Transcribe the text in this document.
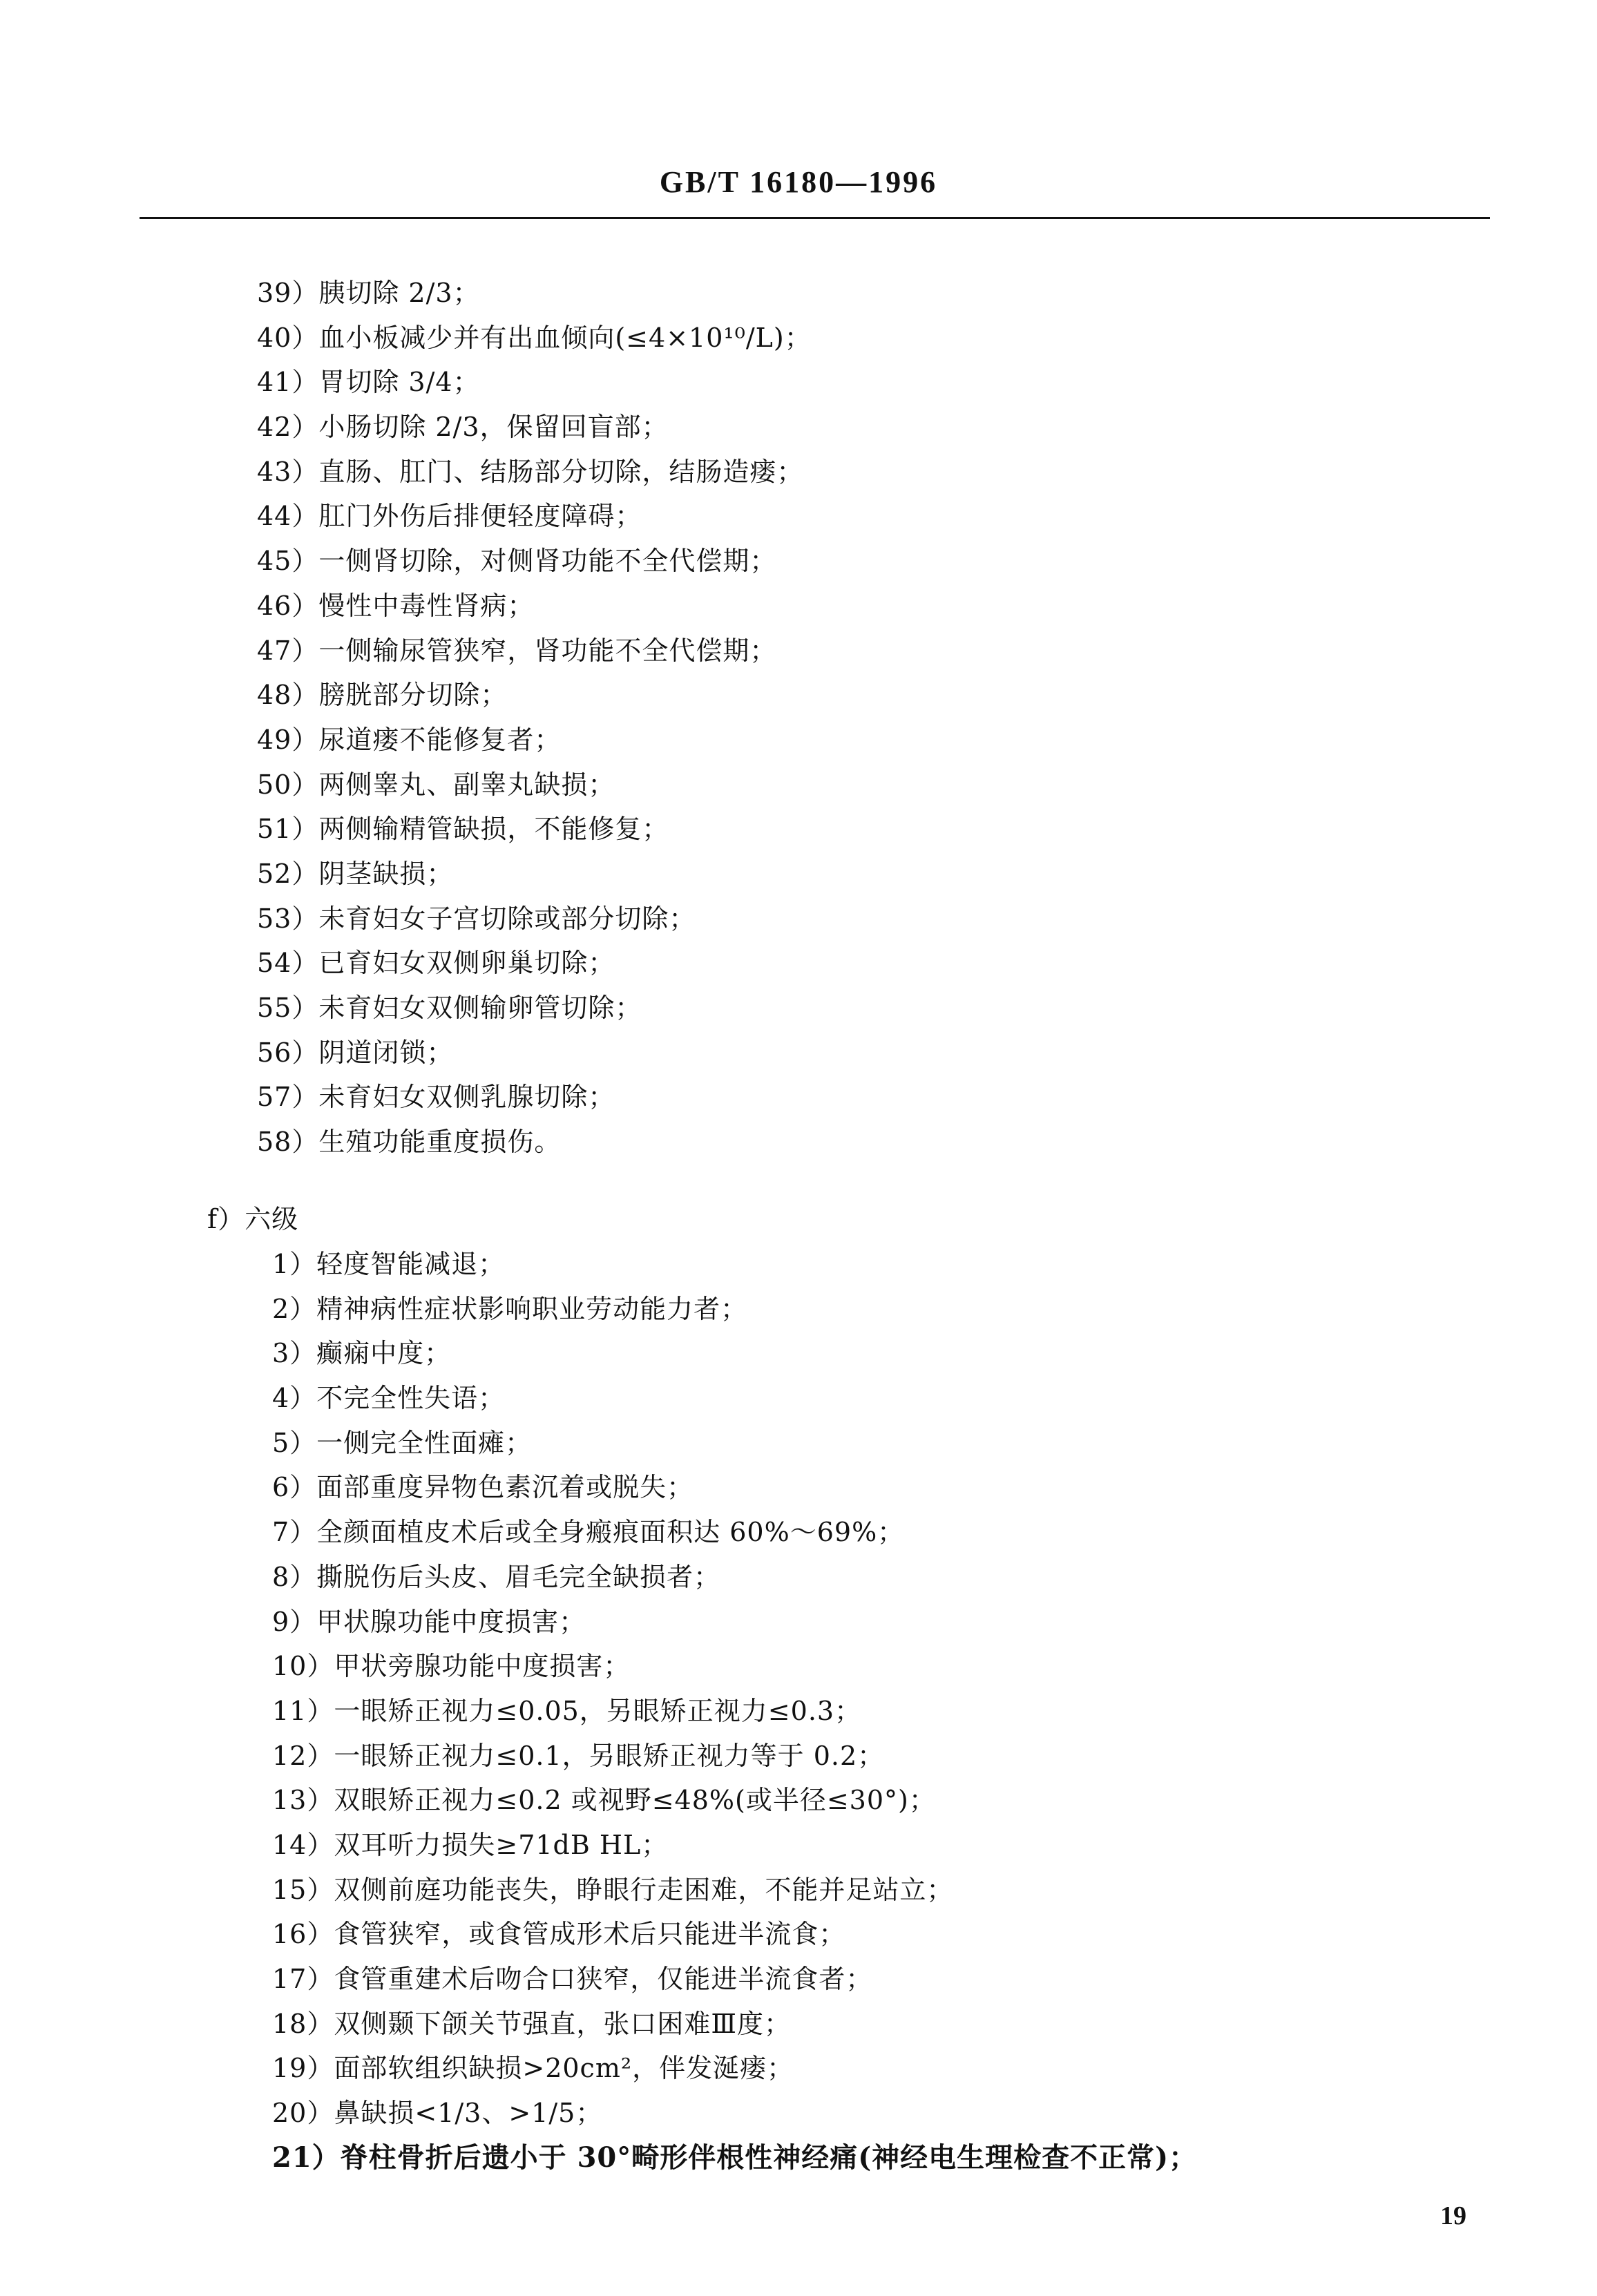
GB/T 16180—1996
39）胰切除 2/3；
40）血小板减少并有出血倾向(≤4×10¹⁰/L)；
41）胃切除 3/4；
42）小肠切除 2/3，保留回盲部；
43）直肠、肛门、结肠部分切除，结肠造瘘；
44）肛门外伤后排便轻度障碍；
45）一侧肾切除，对侧肾功能不全代偿期；
46）慢性中毒性肾病；
47）一侧输尿管狭窄，肾功能不全代偿期；
48）膀胱部分切除；
49）尿道瘘不能修复者；
50）两侧睾丸、副睾丸缺损；
51）两侧输精管缺损，不能修复；
52）阴茎缺损；
53）未育妇女子宫切除或部分切除；
54）已育妇女双侧卵巢切除；
55）未育妇女双侧输卵管切除；
56）阴道闭锁；
57）未育妇女双侧乳腺切除；
58）生殖功能重度损伤。
f）六级
1）轻度智能减退；
2）精神病性症状影响职业劳动能力者；
3）癫痫中度；
4）不完全性失语；
5）一侧完全性面瘫；
6）面部重度异物色素沉着或脱失；
7）全颜面植皮术后或全身瘢痕面积达 60%～69%；
8）撕脱伤后头皮、眉毛完全缺损者；
9）甲状腺功能中度损害；
10）甲状旁腺功能中度损害；
11）一眼矫正视力≤0.05，另眼矫正视力≤0.3；
12）一眼矫正视力≤0.1，另眼矫正视力等于 0.2；
13）双眼矫正视力≤0.2 或视野≤48%(或半径≤30°)；
14）双耳听力损失≥71dB HL；
15）双侧前庭功能丧失，睁眼行走困难，不能并足站立；
16）食管狭窄，或食管成形术后只能进半流食；
17）食管重建术后吻合口狭窄，仅能进半流食者；
18）双侧颞下颌关节强直，张口困难Ⅲ度；
19）面部软组织缺损>20cm²，伴发涎瘘；
20）鼻缺损<1/3、>1/5；
21）脊柱骨折后遗小于 30°畸形伴根性神经痛(神经电生理检查不正常)；
19
